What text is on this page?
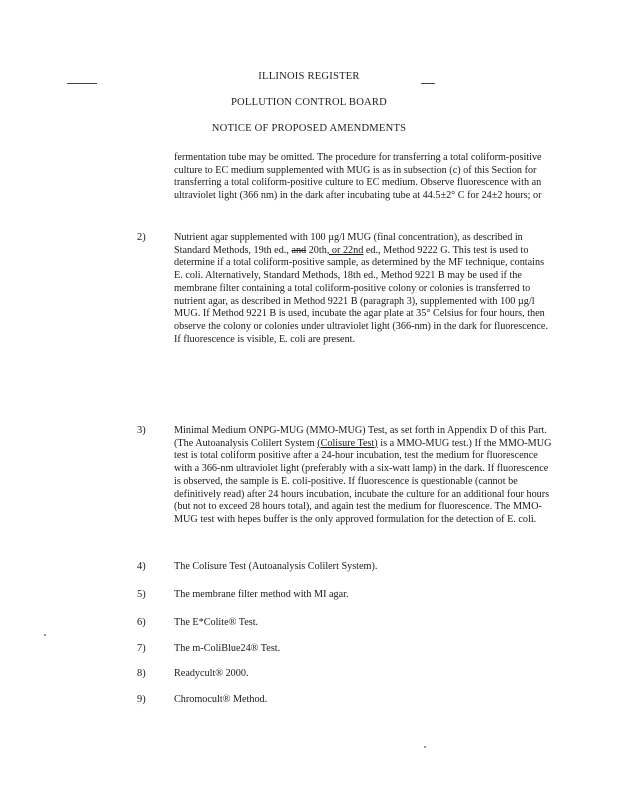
ILLINOIS REGISTER
POLLUTION CONTROL BOARD
NOTICE OF PROPOSED AMENDMENTS
fermentation tube may be omitted. The procedure for transferring a total coliform-positive culture to EC medium supplemented with MUG is as in subsection (c) of this Section for transferring a total coliform-positive culture to EC medium. Observe fluorescence with an ultraviolet light (366 nm) in the dark after incubating tube at 44.5±2° C for 24±2 hours; or
2)	Nutrient agar supplemented with 100 µg/l MUG (final concentration), as described in Standard Methods, 19th ed., and 20th, or 22nd ed., Method 9222 G. This test is used to determine if a total coliform-positive sample, as determined by the MF technique, contains E. coli. Alternatively, Standard Methods, 18th ed., Method 9221 B may be used if the membrane filter containing a total coliform-positive colony or colonies is transferred to nutrient agar, as described in Method 9221 B (paragraph 3), supplemented with 100 µg/l MUG. If Method 9221 B is used, incubate the agar plate at 35° Celsius for four hours, then observe the colony or colonies under ultraviolet light (366-nm) in the dark for fluorescence. If fluorescence is visible, E. coli are present.
3)	Minimal Medium ONPG-MUG (MMO-MUG) Test, as set forth in Appendix D of this Part. (The Autoanalysis Colilert System (Colisure Test) is a MMO-MUG test.) If the MMO-MUG test is total coliform positive after a 24-hour incubation, test the medium for fluorescence with a 366-nm ultraviolet light (preferably with a six-watt lamp) in the dark. If fluorescence is observed, the sample is E. coli-positive. If fluorescence is questionable (cannot be definitively read) after 24 hours incubation, incubate the culture for an additional four hours (but not to exceed 28 hours total), and again test the medium for fluorescence. The MMO-MUG test with hepes buffer is the only approved formulation for the detection of E. coli.
4)	The Colisure Test (Autoanalysis Colilert System).
5)	The membrane filter method with MI agar.
6)	The E*Colite® Test.
7)	The m-ColiBlue24® Test.
8)	Readycult® 2000.
9)	Chromocult® Method.
